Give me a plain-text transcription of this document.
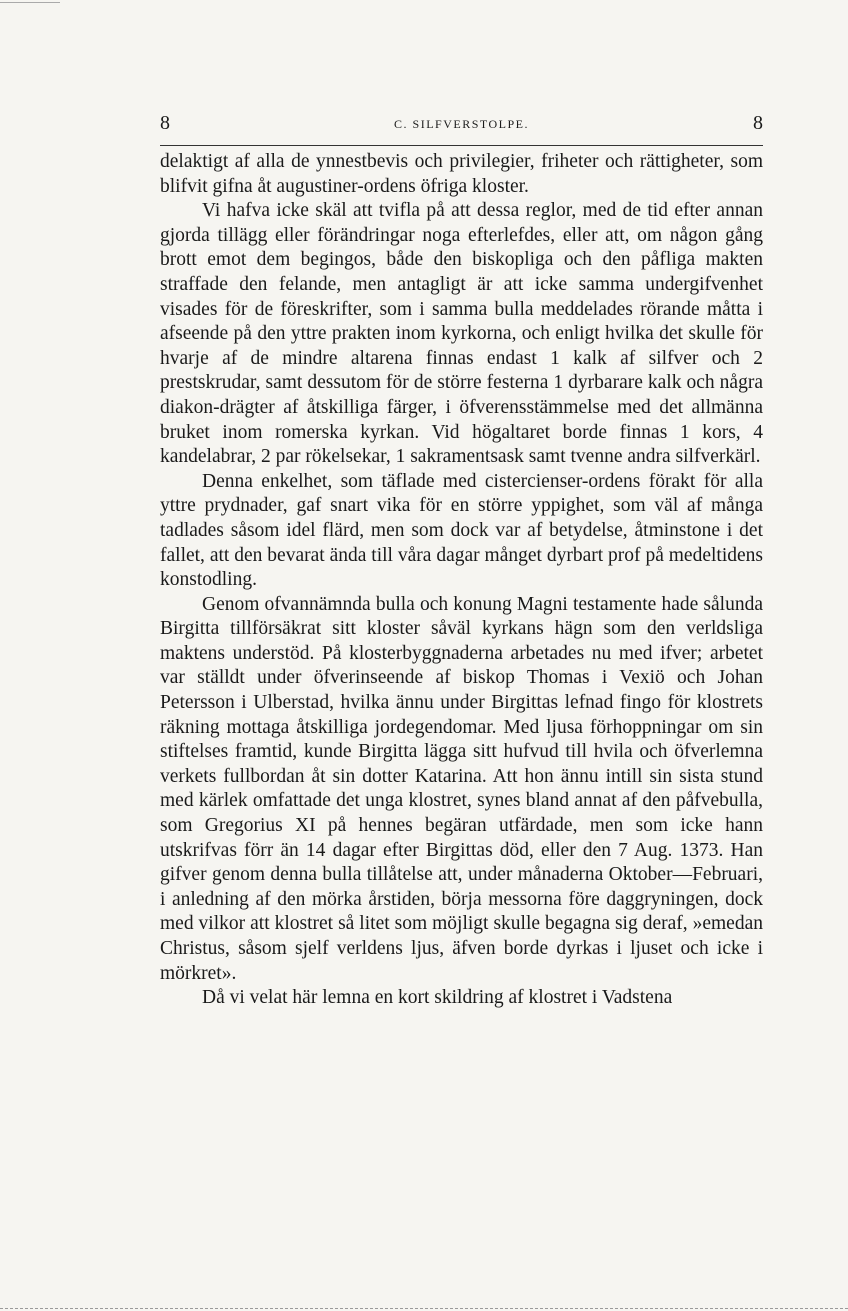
8	C. SILFVERSTOLPE.	8

delaktigt af alla de ynnestbevis och privilegier, friheter och rättigheter, som blifvit gifna åt augustiner-ordens öfriga kloster.

Vi hafva icke skäl att tvifla på att dessa reglor, med de tid efter annan gjorda tillägg eller förändringar noga efterlefdes, eller att, om någon gång brott emot dem begingos, både den biskopliga och den påfliga makten straffade den felande, men antagligt är att icke samma undergifvenhet visades för de föreskrifter, som i samma bulla meddelades rörande måtta i afseende på den yttre prakten inom kyrkorna, och enligt hvilka det skulle för hvarje af de mindre altarena finnas endast 1 kalk af silfver och 2 prestskrudar, samt dessutom för de större festerna 1 dyrbarare kalk och några diakon-drägter af åtskilliga färger, i öfverensstämmelse med det allmänna bruket inom romerska kyrkan. Vid högaltaret borde finnas 1 kors, 4 kandelabrar, 2 par rökelsekar, 1 sakramentsask samt tvenne andra silfverkärl.

Denna enkelhet, som täflade med cistercienser-ordens förakt för alla yttre prydnader, gaf snart vika för en större yppighet, som väl af många tadlades såsom idel flärd, men som dock var af betydelse, åtminstone i det fallet, att den bevarat ända till våra dagar månget dyrbart prof på medeltidens konstodling.

Genom ofvannämnda bulla och konung Magni testamente hade sålunda Birgitta tillförsäkrat sitt kloster såväl kyrkans hägn som den verldsliga maktens understöd. På klosterbyggnaderna arbetades nu med ifver; arbetet var ställdt under öfverinseende af biskop Thomas i Vexiö och Johan Petersson i Ulberstad, hvilka ännu under Birgittas lefnad fingo för klostrets räkning mottaga åtskilliga jordegendomar. Med ljusa förhoppningar om sin stiftelses framtid, kunde Birgitta lägga sitt hufvud till hvila och öfverlemna verkets fullbordan åt sin dotter Katarina. Att hon ännu intill sin sista stund med kärlek omfattade det unga klostret, synes bland annat af den påfvebulla, som Gregorius XI på hennes begäran utfärdade, men som icke hann utskrifvas förr än 14 dagar efter Birgittas död, eller den 7 Aug. 1373. Han gifver genom denna bulla tillåtelse att, under månaderna Oktober—Februari, i anledning af den mörka årstiden, börja messorna före daggryningen, dock med vilkor att klostret så litet som möjligt skulle begagna sig deraf, »emedan Christus, såsom sjelf verldens ljus, äfven borde dyrkas i ljuset och icke i mörkret».

Då vi velat här lemna en kort skildring af klostret i Vadstena
